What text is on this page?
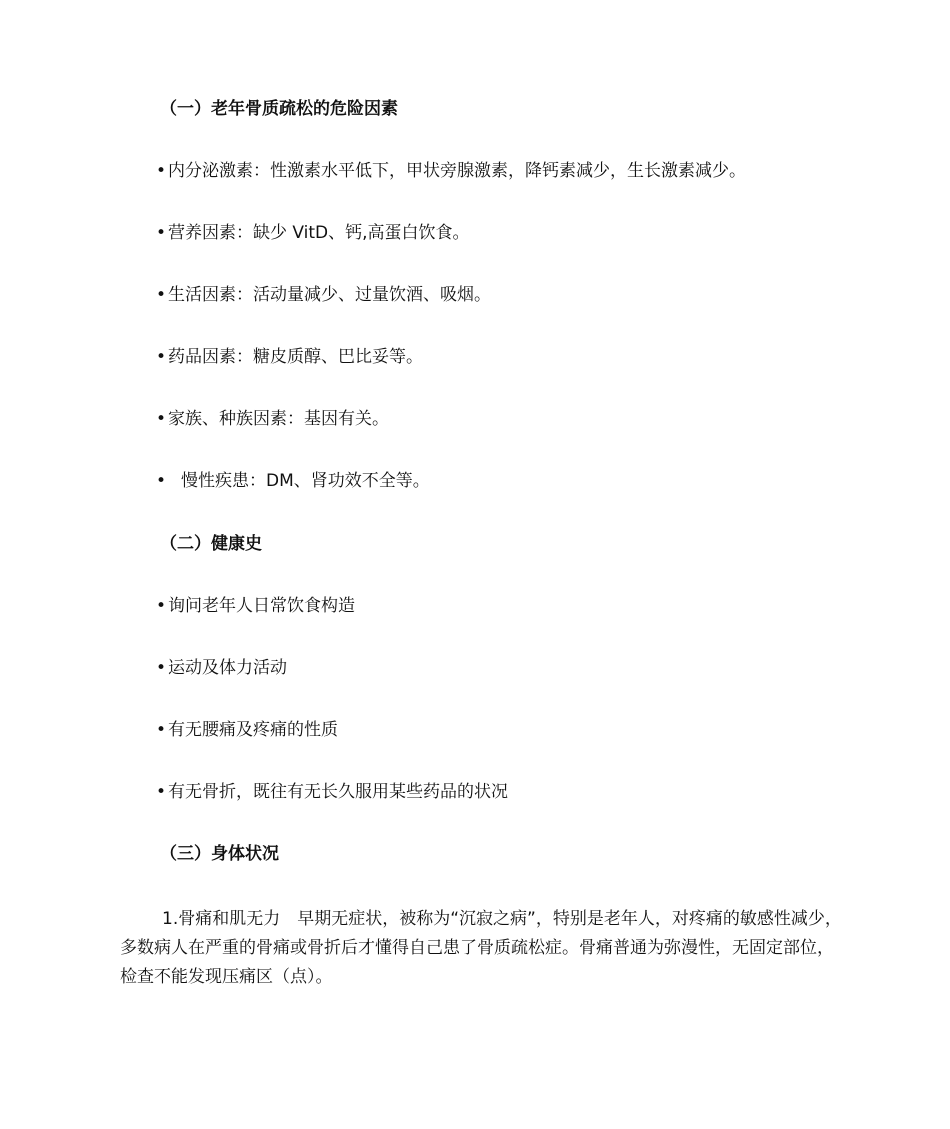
（一）老年骨质疏松的危险因素
• 内分泌激素：性激素水平低下，甲状旁腺激素，降钙素减少，生长激素减少。
• 营养因素：缺少 VitD、钙,高蛋白饮食。
• 生活因素：活动量减少、过量饮酒、吸烟。
• 药品因素：糖皮质醇、巴比妥等。
• 家族、种族因素：基因有关。
• 慢性疾患：DM、肾功效不全等。
（二）健康史
• 询问老年人日常饮食构造
• 运动及体力活动
• 有无腰痛及疼痛的性质
• 有无骨折，既往有无长久服用某些药品的状况
（三）身体状况
1.骨痛和肌无力　早期无症状，被称为“沉寂之病”，特别是老年人，对疼痛的敏感性减少，多数病人在严重的骨痛或骨折后才懂得自己患了骨质疏松症。骨痛普通为弥漫性，无固定部位，检查不能发现压痛区（点）。
